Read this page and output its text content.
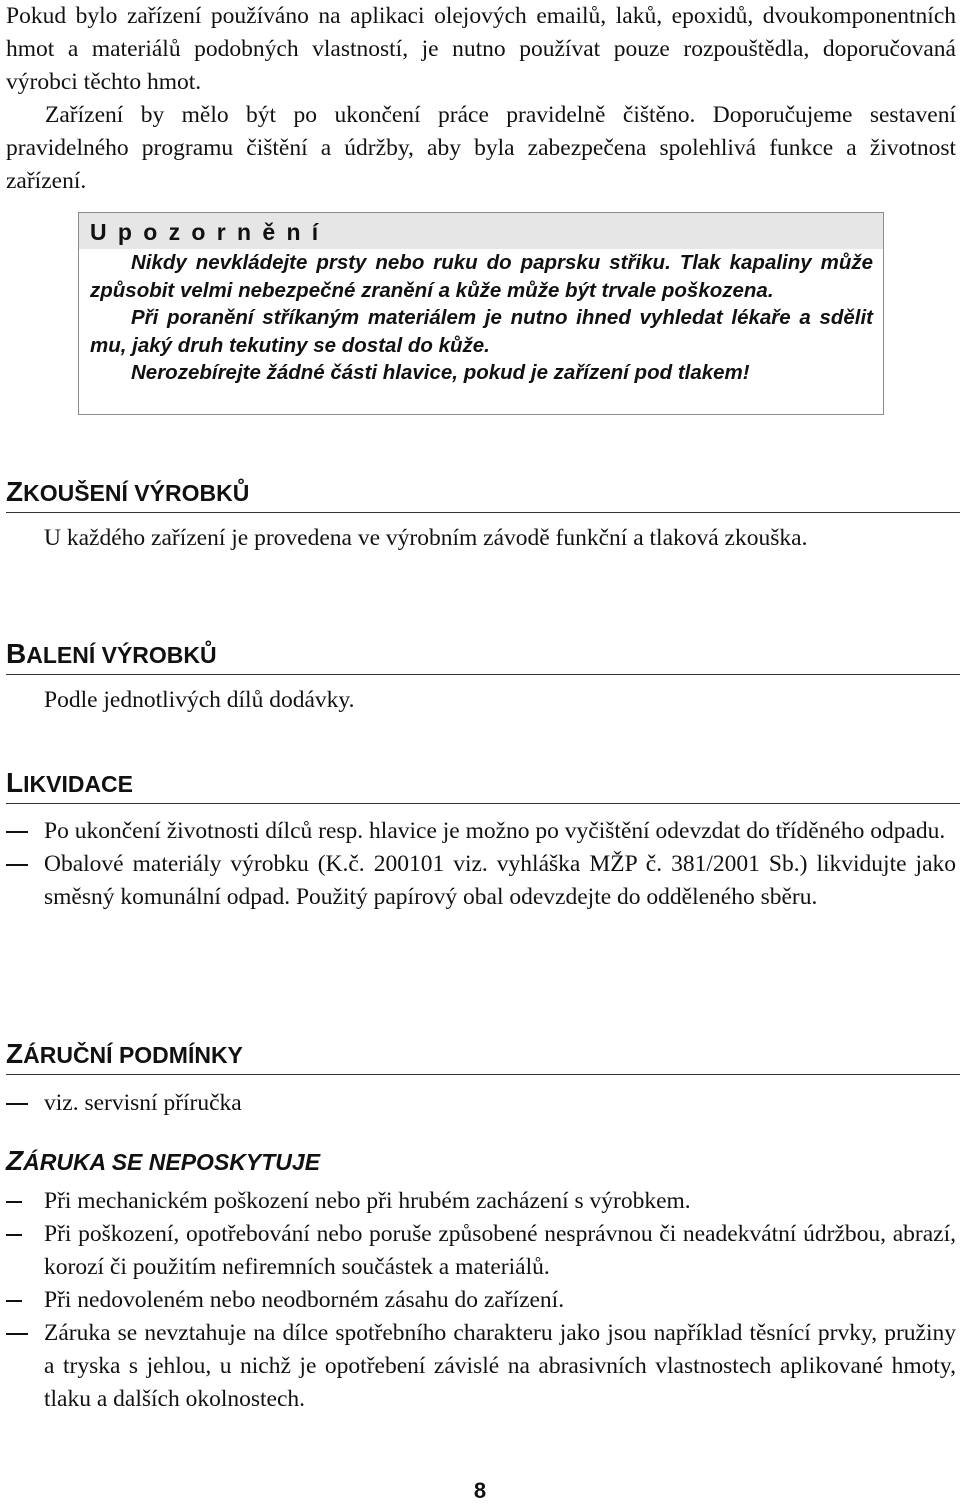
Pokud bylo zařízení používáno na aplikaci olejových emailů, laků, epoxidů, dvoukomponentních hmot a materiálů podobných vlastností, je nutno používat pouze rozpouštědla, doporučovaná výrobci těchto hmot.

Zařízení by mělo být po ukončení práce pravidelně čištěno. Doporučujeme sestavení pravidelného programu čištění a údržby, aby byla zabezpečena spolehlivá funkce a životnost zařízení.

Upozornění

Nikdy nevkládejte prsty nebo ruku do paprsku střiku. Tlak kapaliny může způsobit velmi nebezpečné zranění a kůže může být trvale poškozena.

Při poranění stříkaným materiálem je nutno ihned vyhledat lékaře a sdělit mu, jaký druh tekutiny se dostal do kůže.

Nerozebírejte žádné části hlavice, pokud je zařízení pod tlakem!

ZKOUŠENÍ VÝROBKŮ

U každého zařízení je provedena ve výrobním závodě funkční a tlaková zkouška.

BALENÍ VÝROBKŮ

Podle jednotlivých dílů dodávky.

LIKVIDACE
Po ukončení životnosti dílců resp. hlavice je možno po vyčištění odevzdat do tříděného odpadu.
Obalové materiály výrobku (K.č. 200101 viz. vyhláška MŽP č. 381/2001 Sb.) likvidujte jako směsný komunální odpad. Použitý papírový obal odevzdejte do odděleného sběru.
ZÁRUČNÍ PODMÍNKY
viz. servisní příručka
ZÁRUKA SE NEPOSKYTUJE
Při mechanickém poškození nebo při hrubém zacházení s výrobkem.
Při poškození, opotřebování nebo poruše způsobené nesprávnou či neadekvátní údržbou, abrazí, korozí či použitím nefiremních součástek a materiálů.
Při nedovoleném nebo neodborném zásahu do zařízení.
Záruka se nevztahuje na dílce spotřebního charakteru jako jsou například těsnící prvky, pružiny a tryska s jehlou, u nichž je opotřebení závislé na abrasivních vlastnostech aplikované hmoty, tlaku a dalších okolnostech.
8
